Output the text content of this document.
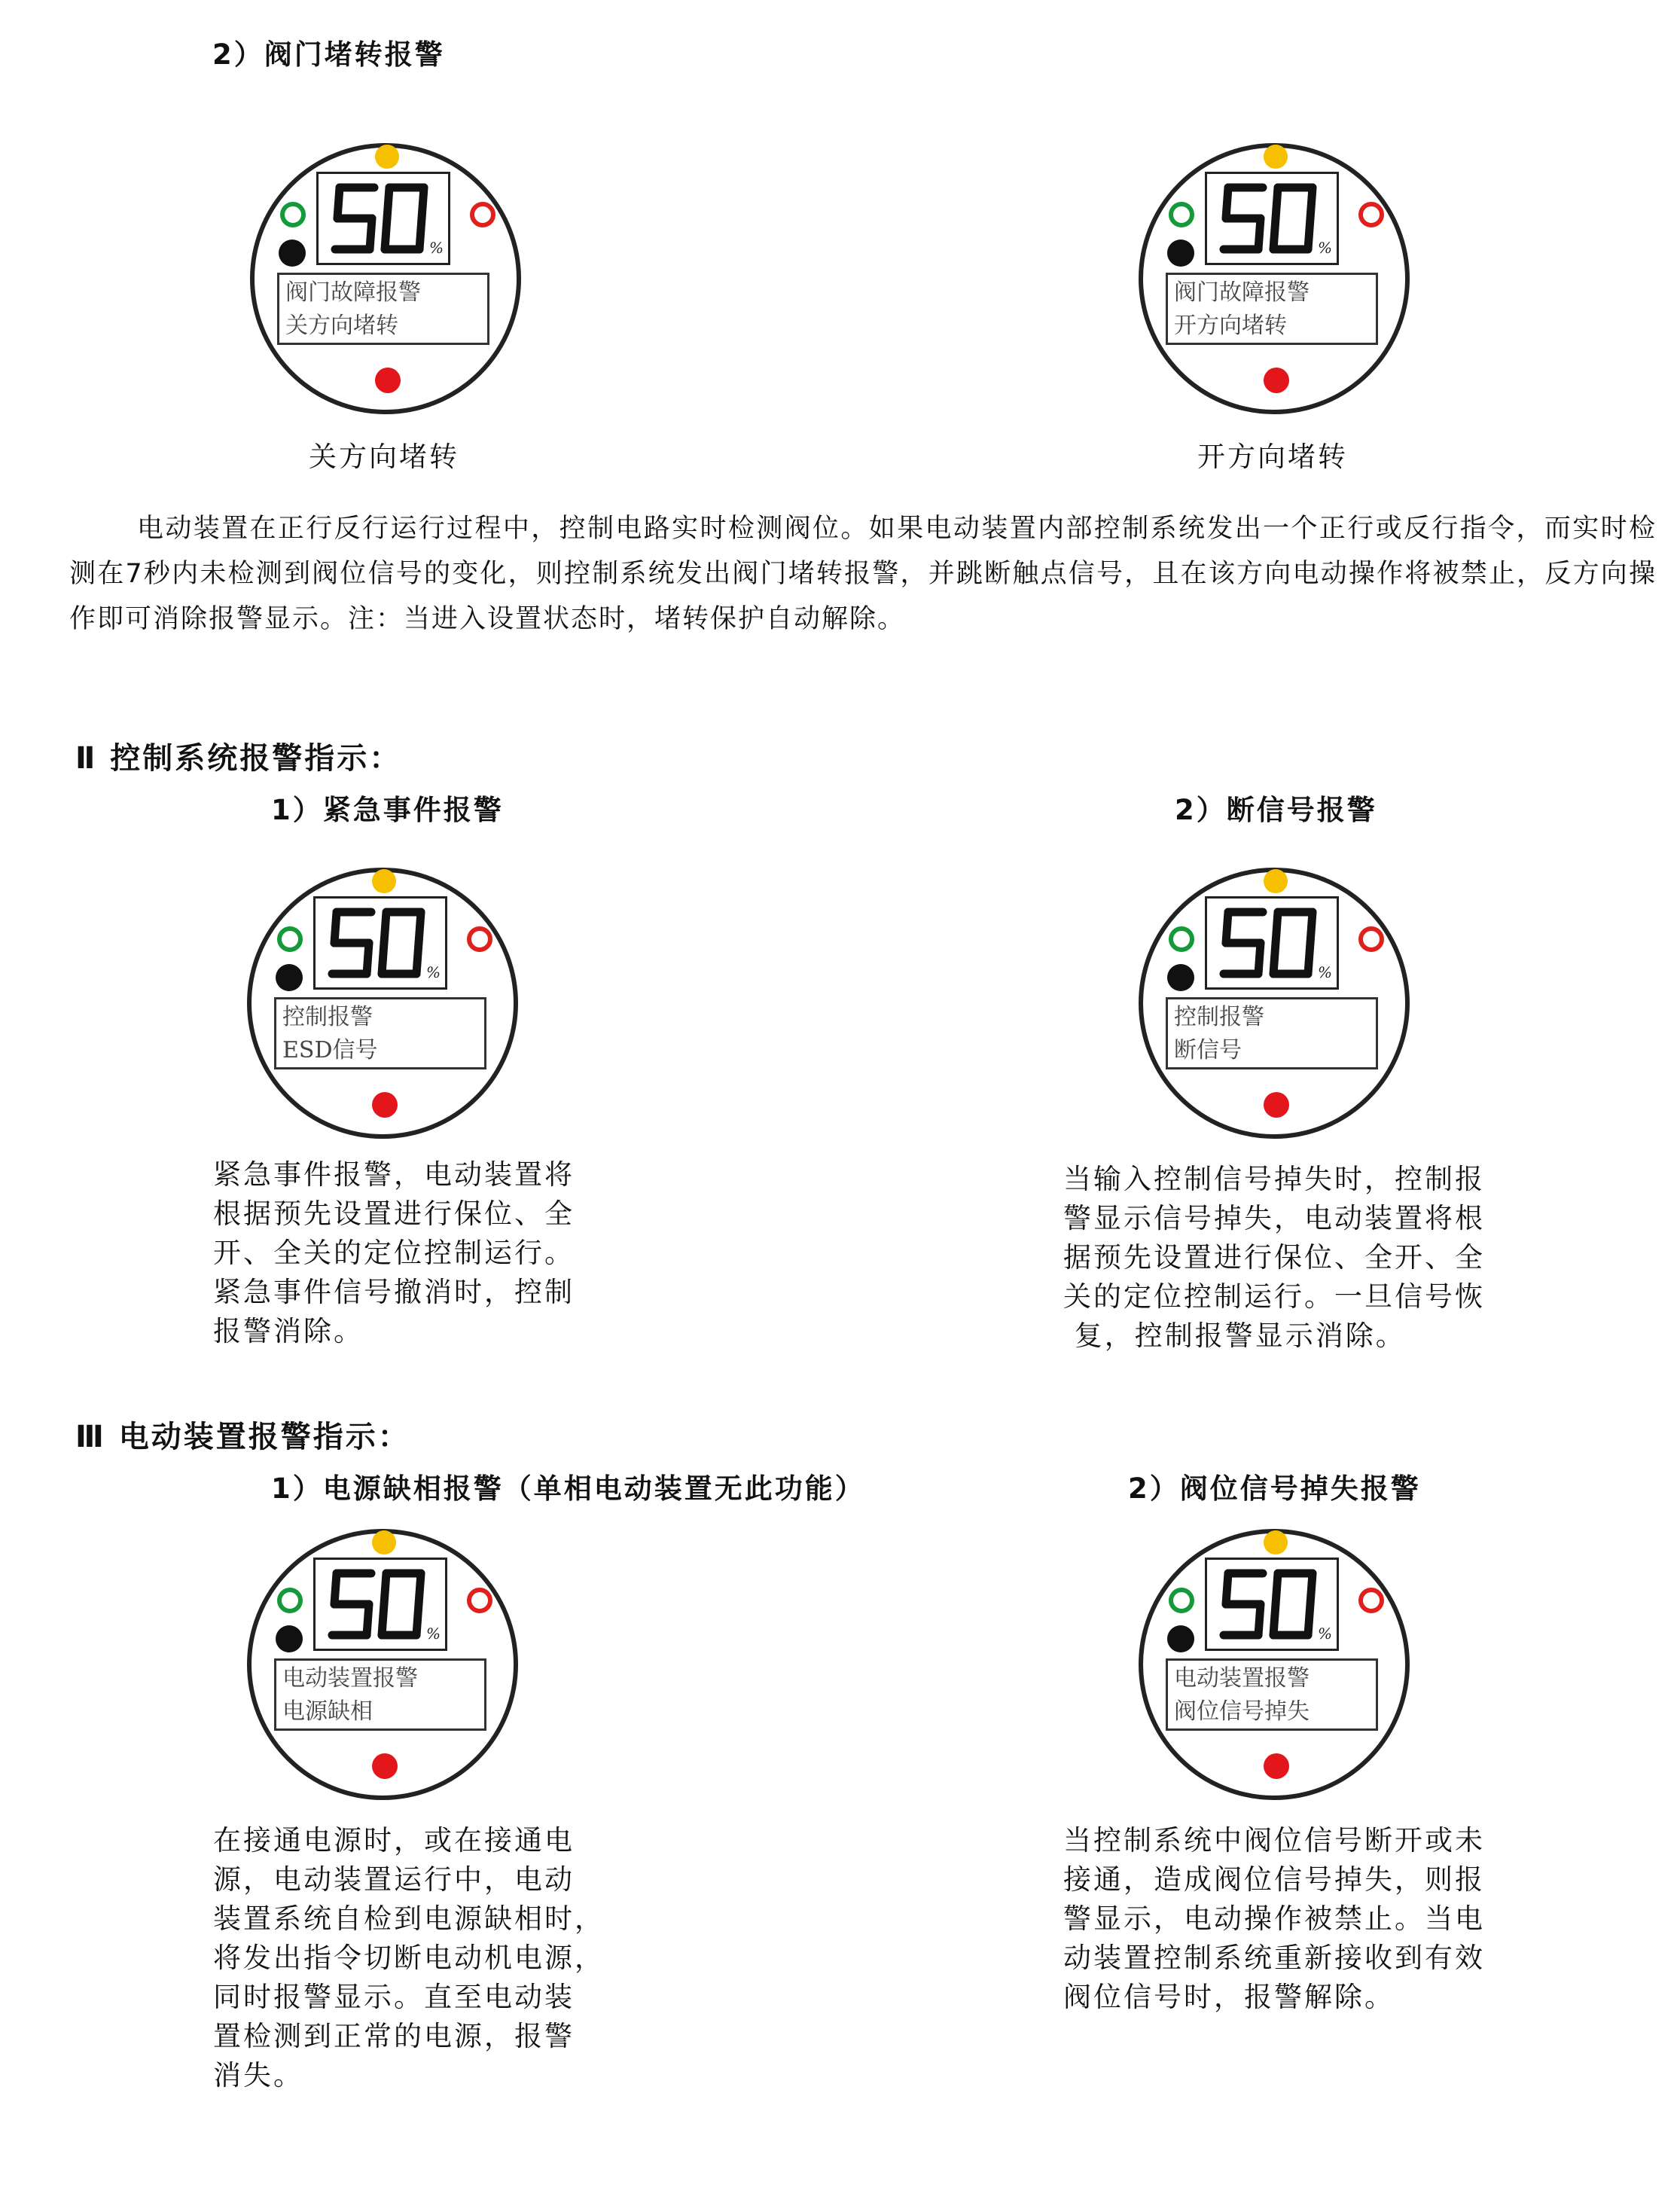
2）阀门堵转报警
%
阀门故障报警
关方向堵转
关方向堵转
%
阀门故障报警
开方向堵转
开方向堵转
电动装置在正行反行运行过程中，控制电路实时检测阀位。如果电动装置内部控制系统发出一个正行或反行指令，而实时检测在7秒内未检测到阀位信号的变化，则控制系统发出阀门堵转报警，并跳断触点信号，且在该方向电动操作将被禁止，反方向操作即可消除报警显示。注：当进入设置状态时，堵转保护自动解除。
Ⅱ 控制系统报警指示：
1）紧急事件报警	2）断信号报警
%
控制报警
ESD信号
%
控制报警
断信号
紧急事件报警，电动装置将
根据预先设置进行保位、全
开、全关的定位控制运行。
紧急事件信号撤消时，控制
报警消除。
当输入控制信号掉失时，控制报
警显示信号掉失，电动装置将根
据预先设置进行保位、全开、全
关的定位控制运行。一旦信号恢
复，控制报警显示消除。
Ⅲ 电动装置报警指示：
1）电源缺相报警（单相电动装置无此功能）	2）阀位信号掉失报警
%
电动装置报警
电源缺相
%
电动装置报警
阀位信号掉失
在接通电源时，或在接通电
源，电动装置运行中，电动
装置系统自检到电源缺相时，
将发出指令切断电动机电源，
同时报警显示。直至电动装
置检测到正常的电源，报警
消失。
当控制系统中阀位信号断开或未
接通，造成阀位信号掉失，则报
警显示，电动操作被禁止。当电
动装置控制系统重新接收到有效
阀位信号时，报警解除。
